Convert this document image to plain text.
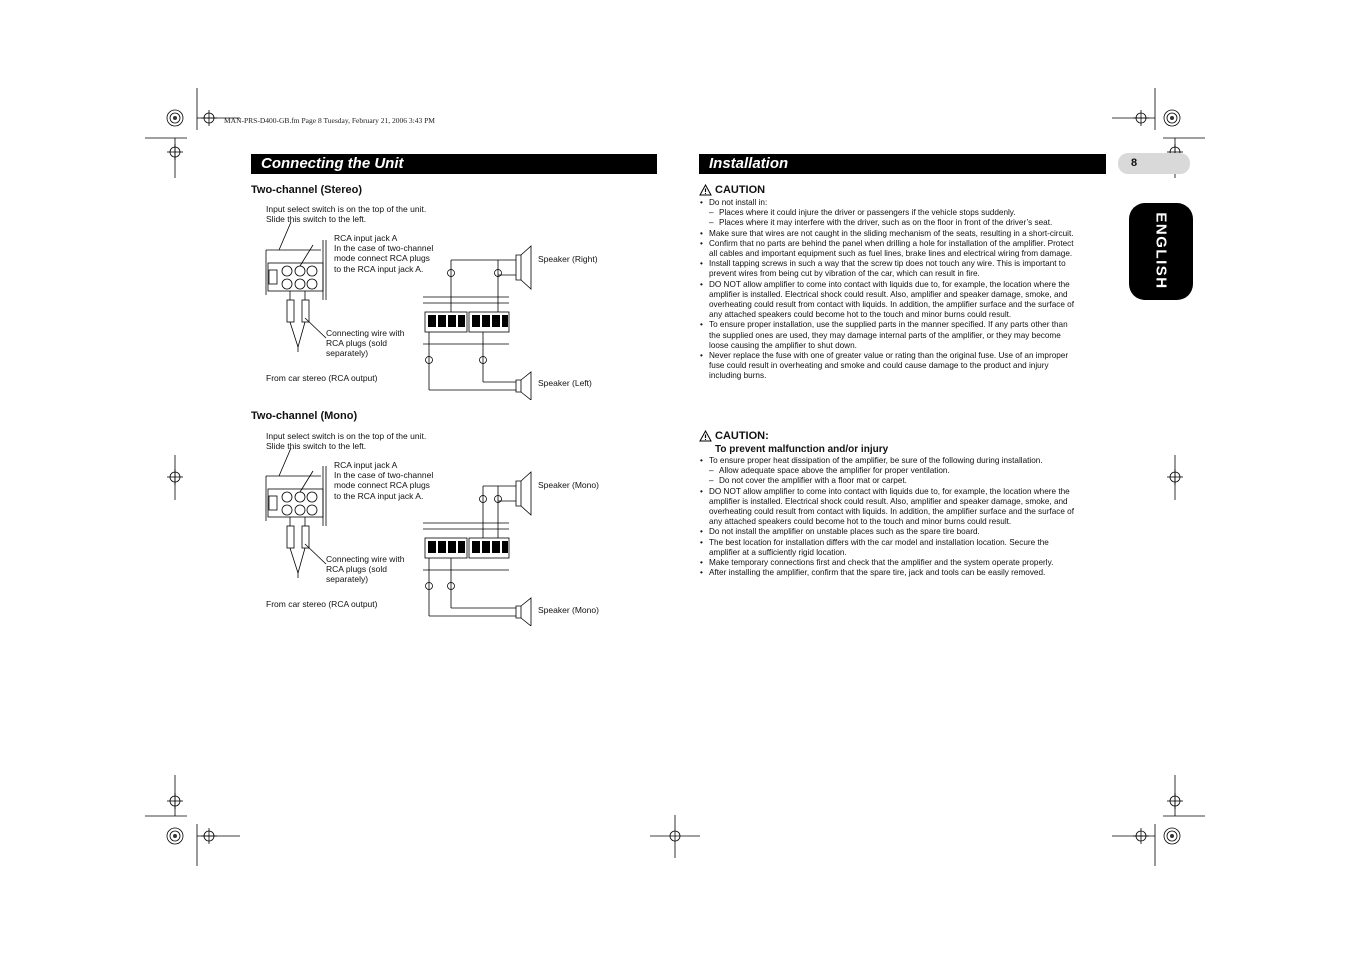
MAN-PRS-D400-GB.fm Page 8 Tuesday, February 21, 2006 3:43 PM
Connecting the Unit
Two-channel (Stereo)
Input select switch is on the top of the unit.
Slide this switch to the left.
RCA input jack A
In the case of two-channel
mode connect RCA plugs
to the RCA input jack A.
Connecting wire with
RCA plugs (sold
separately)
From car stereo (RCA output)
Speaker (Right)
Speaker (Left)
Two-channel (Mono)
Input select switch is on the top of the unit.
Slide this switch to the left.
RCA input jack A
In the case of two-channel
mode connect RCA plugs
to the RCA input jack A.
Connecting wire with
RCA plugs (sold
separately)
From car stereo (RCA output)
Speaker (Mono)
Speaker (Mono)
Installation	8
ENGLISH
CAUTION
• Do not install in:
– Places where it could injure the driver or passengers if the vehicle stops suddenly.
– Places where it may interfere with the driver, such as on the floor in front of the driver’s seat.
• Make sure that wires are not caught in the sliding mechanism of the seats, resulting in a short-circuit.
• Confirm that no parts are behind the panel when drilling a hole for installation of the amplifier. Protect all cables and important equipment such as fuel lines, brake lines and electrical wiring from damage.
• Install tapping screws in such a way that the screw tip does not touch any wire. This is important to prevent wires from being cut by vibration of the car, which can result in fire.
• DO NOT allow amplifier to come into contact with liquids due to, for example, the location where the amplifier is installed. Electrical shock could result. Also, amplifier and speaker damage, smoke, and overheating could result from contact with liquids. In addition, the amplifier surface and the surface of any attached speakers could become hot to the touch and minor burns could result.
• To ensure proper installation, use the supplied parts in the manner specified. If any parts other than the supplied ones are used, they may damage internal parts of the amplifier, or they may become loose causing the amplifier to shut down.
• Never replace the fuse with one of greater value or rating than the original fuse. Use of an improper fuse could result in overheating and smoke and could cause damage to the product and injury including burns.
CAUTION:
To prevent malfunction and/or injury
• To ensure proper heat dissipation of the amplifier, be sure of the following during installation.
– Allow adequate space above the amplifier for proper ventilation.
– Do not cover the amplifier with a floor mat or carpet.
• DO NOT allow amplifier to come into contact with liquids due to, for example, the location where the amplifier is installed. Electrical shock could result. Also, amplifier and speaker damage, smoke, and overheating could result from contact with liquids. In addition, the amplifier surface and the surface of any attached speakers could become hot to the touch and minor burns could result.
• Do not install the amplifier on unstable places such as the spare tire board.
• The best location for installation differs with the car model and installation location. Secure the amplifier at a sufficiently rigid location.
• Make temporary connections first and check that the amplifier and the system operate properly.
• After installing the amplifier, confirm that the spare tire, jack and tools can be easily removed.
